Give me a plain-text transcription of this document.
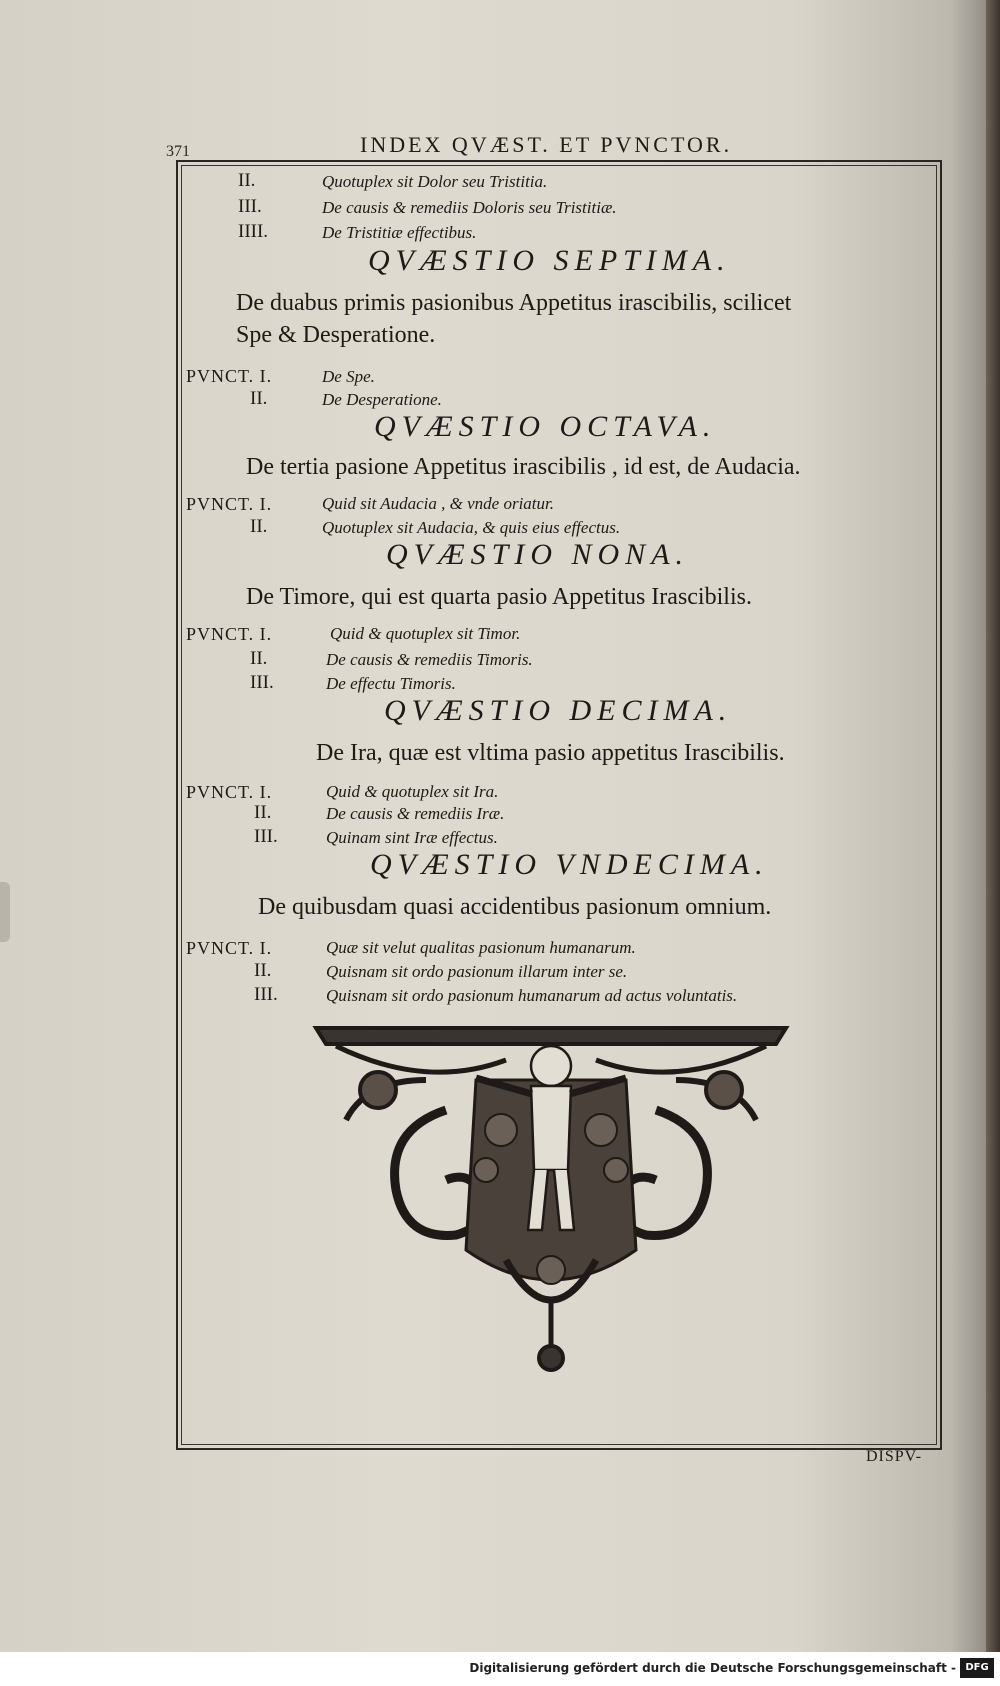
371	INDEX QVÆST. ET PVNCTOR.
II.	Quotuplex sit Dolor seu Tristitia.
III.	De causis & remediis Doloris seu Tristitiæ.
IIII.	De Tristitiæ effectibus.
QVÆSTIO SEPTIMA.
De duabus primis pasionibus Appetitus irascibilis, scilicet
Spe & Desperatione.
PVNCT. I.	De Spe.
II.	De Desperatione.
QVÆSTIO OCTAVA.
De tertia pasione Appetitus irascibilis , id est, de Audacia.
PVNCT. I.	Quid sit Audacia , & vnde oriatur.
II.	Quotuplex sit Audacia, & quis eius effectus.
QVÆSTIO NONA.
De Timore, qui est quarta pasio Appetitus Irascibilis.
PVNCT. I.	Quid & quotuplex sit Timor.
II.	De causis & remediis Timoris.
III.	De effectu Timoris.
QVÆSTIO DECIMA.
De Ira, quæ est vltima pasio appetitus Irascibilis.
PVNCT. I.	Quid & quotuplex sit Ira.
II.	De causis & remediis Iræ.
III.	Quinam sint Iræ effectus.
QVÆSTIO VNDECIMA.
De quibusdam quasi accidentibus pasionum omnium.
PVNCT. I.	Quæ sit velut qualitas pasionum humanarum.
II.	Quisnam sit ordo pasionum illarum inter se.
III.	Quisnam sit ordo pasionum humanarum ad actus voluntatis.
DISPV-
Digitalisierung gefördert durch die Deutsche Forschungsgemeinschaft - DFG
